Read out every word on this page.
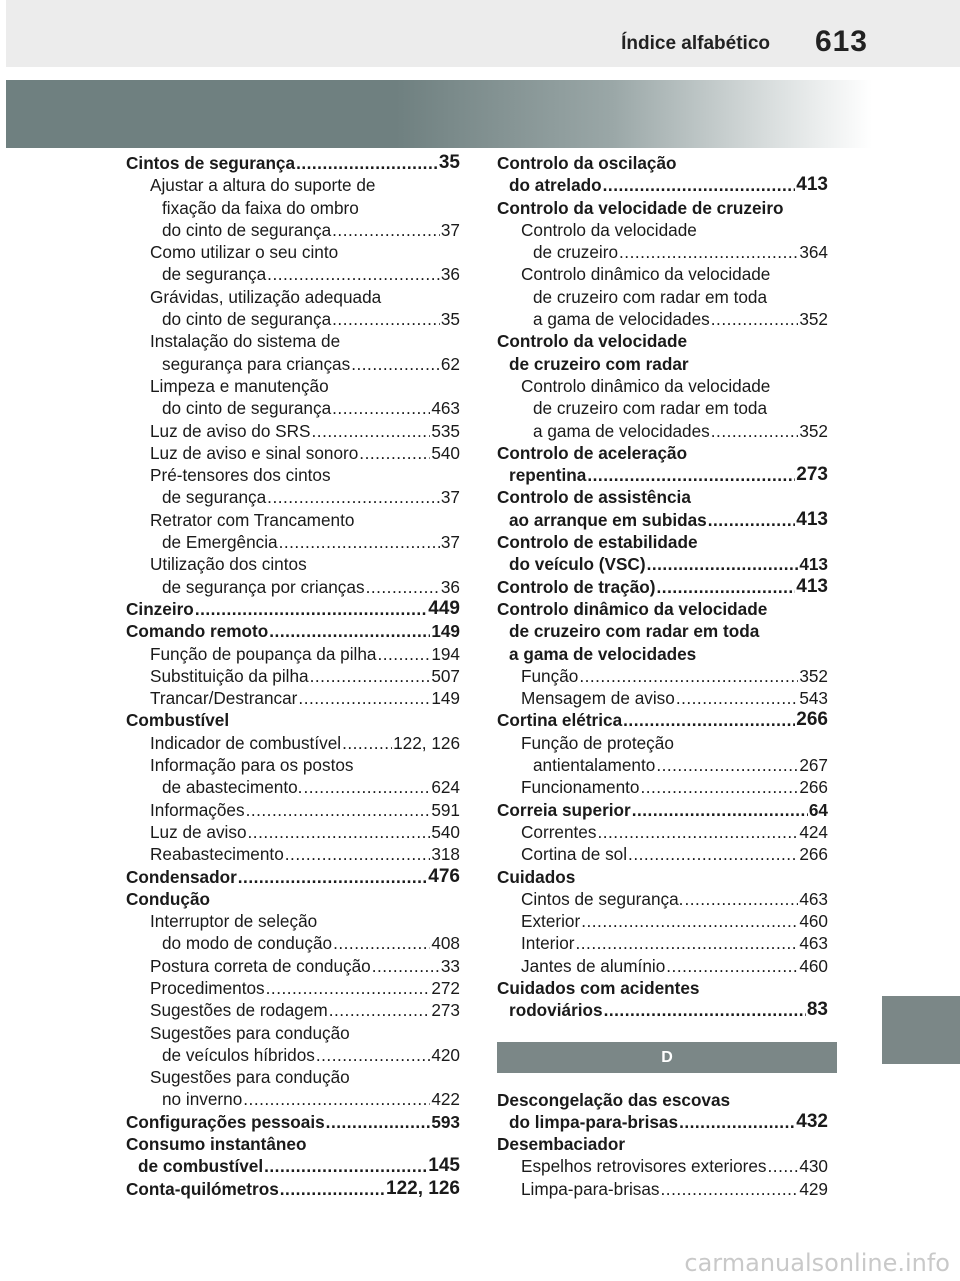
Índice alfabético 613
Cintos de segurança .....	35
Ajustar a altura do suporte de
fixação da faixa do ombro
do cinto de segurança .....	37
Como utilizar o seu cinto
de segurança .....	36
Grávidas, utilização adequada
do cinto de segurança .....	35
Instalação do sistema de
segurança para crianças .....	62
Limpeza e manutenção
do cinto de segurança .....	463
Luz de aviso do SRS .....	535
Luz de aviso e sinal sonoro .....	540
Pré-tensores dos cintos
de segurança .....	37
Retrator com Trancamento
de Emergência .....	37
Utilização dos cintos
de segurança por crianças .....	36
Cinzeiro .....	449
Comando remoto .....	149
Função de poupança da pilha .....	194
Substituição da pilha .....	507
Trancar/Destrancar .....	149
Combustível
Indicador de combustível .....	122, 126
Informação para os postos
de abastecimento. .....	624
Informações .....	591
Luz de aviso .....	540
Reabastecimento .....	318
Condensador .....	476
Condução
Interruptor de seleção
do modo de condução .....	408
Postura correta de condução .....	33
Procedimentos .....	272
Sugestões de rodagem .....	273
Sugestões para condução
de veículos híbridos .....	420
Sugestões para condução
no inverno .....	422
Configurações pessoais .....	593
Consumo instantâneo
de combustível .....	145
Conta-quilómetros .....	122, 126
Controlo da oscilação
do atrelado .....	413
Controlo da velocidade de cruzeiro
Controlo da velocidade
de cruzeiro .....	364
Controlo dinâmico da velocidade
de cruzeiro com radar em toda
a gama de velocidades .....	352
Controlo da velocidade
de cruzeiro com radar
Controlo dinâmico da velocidade
de cruzeiro com radar em toda
a gama de velocidades .....	352
Controlo de aceleração
repentina .....	273
Controlo de assistência
ao arranque em subidas .....	413
Controlo de estabilidade
do veículo (VSC) .....	413
Controlo de tração) .....	413
Controlo dinâmico da velocidade
de cruzeiro com radar em toda
a gama de velocidades
Função .....	352
Mensagem de aviso .....	543
Cortina elétrica .....	266
Função de proteção
antientalamento .....	267
Funcionamento .....	266
Correia superior .....	64
Correntes .....	424
Cortina de sol .....	266
Cuidados
Cintos de segurança. .....	463
Exterior .....	460
Interior .....	463
Jantes de alumínio .....	460
Cuidados com acidentes
rodoviários .....	83
D
Descongelação das escovas
do limpa-para-brisas .....	432
Desembaciador
Espelhos retrovisores exteriores ..... 430
Limpa-para-brisas .....	429
carmanualsonline.info
